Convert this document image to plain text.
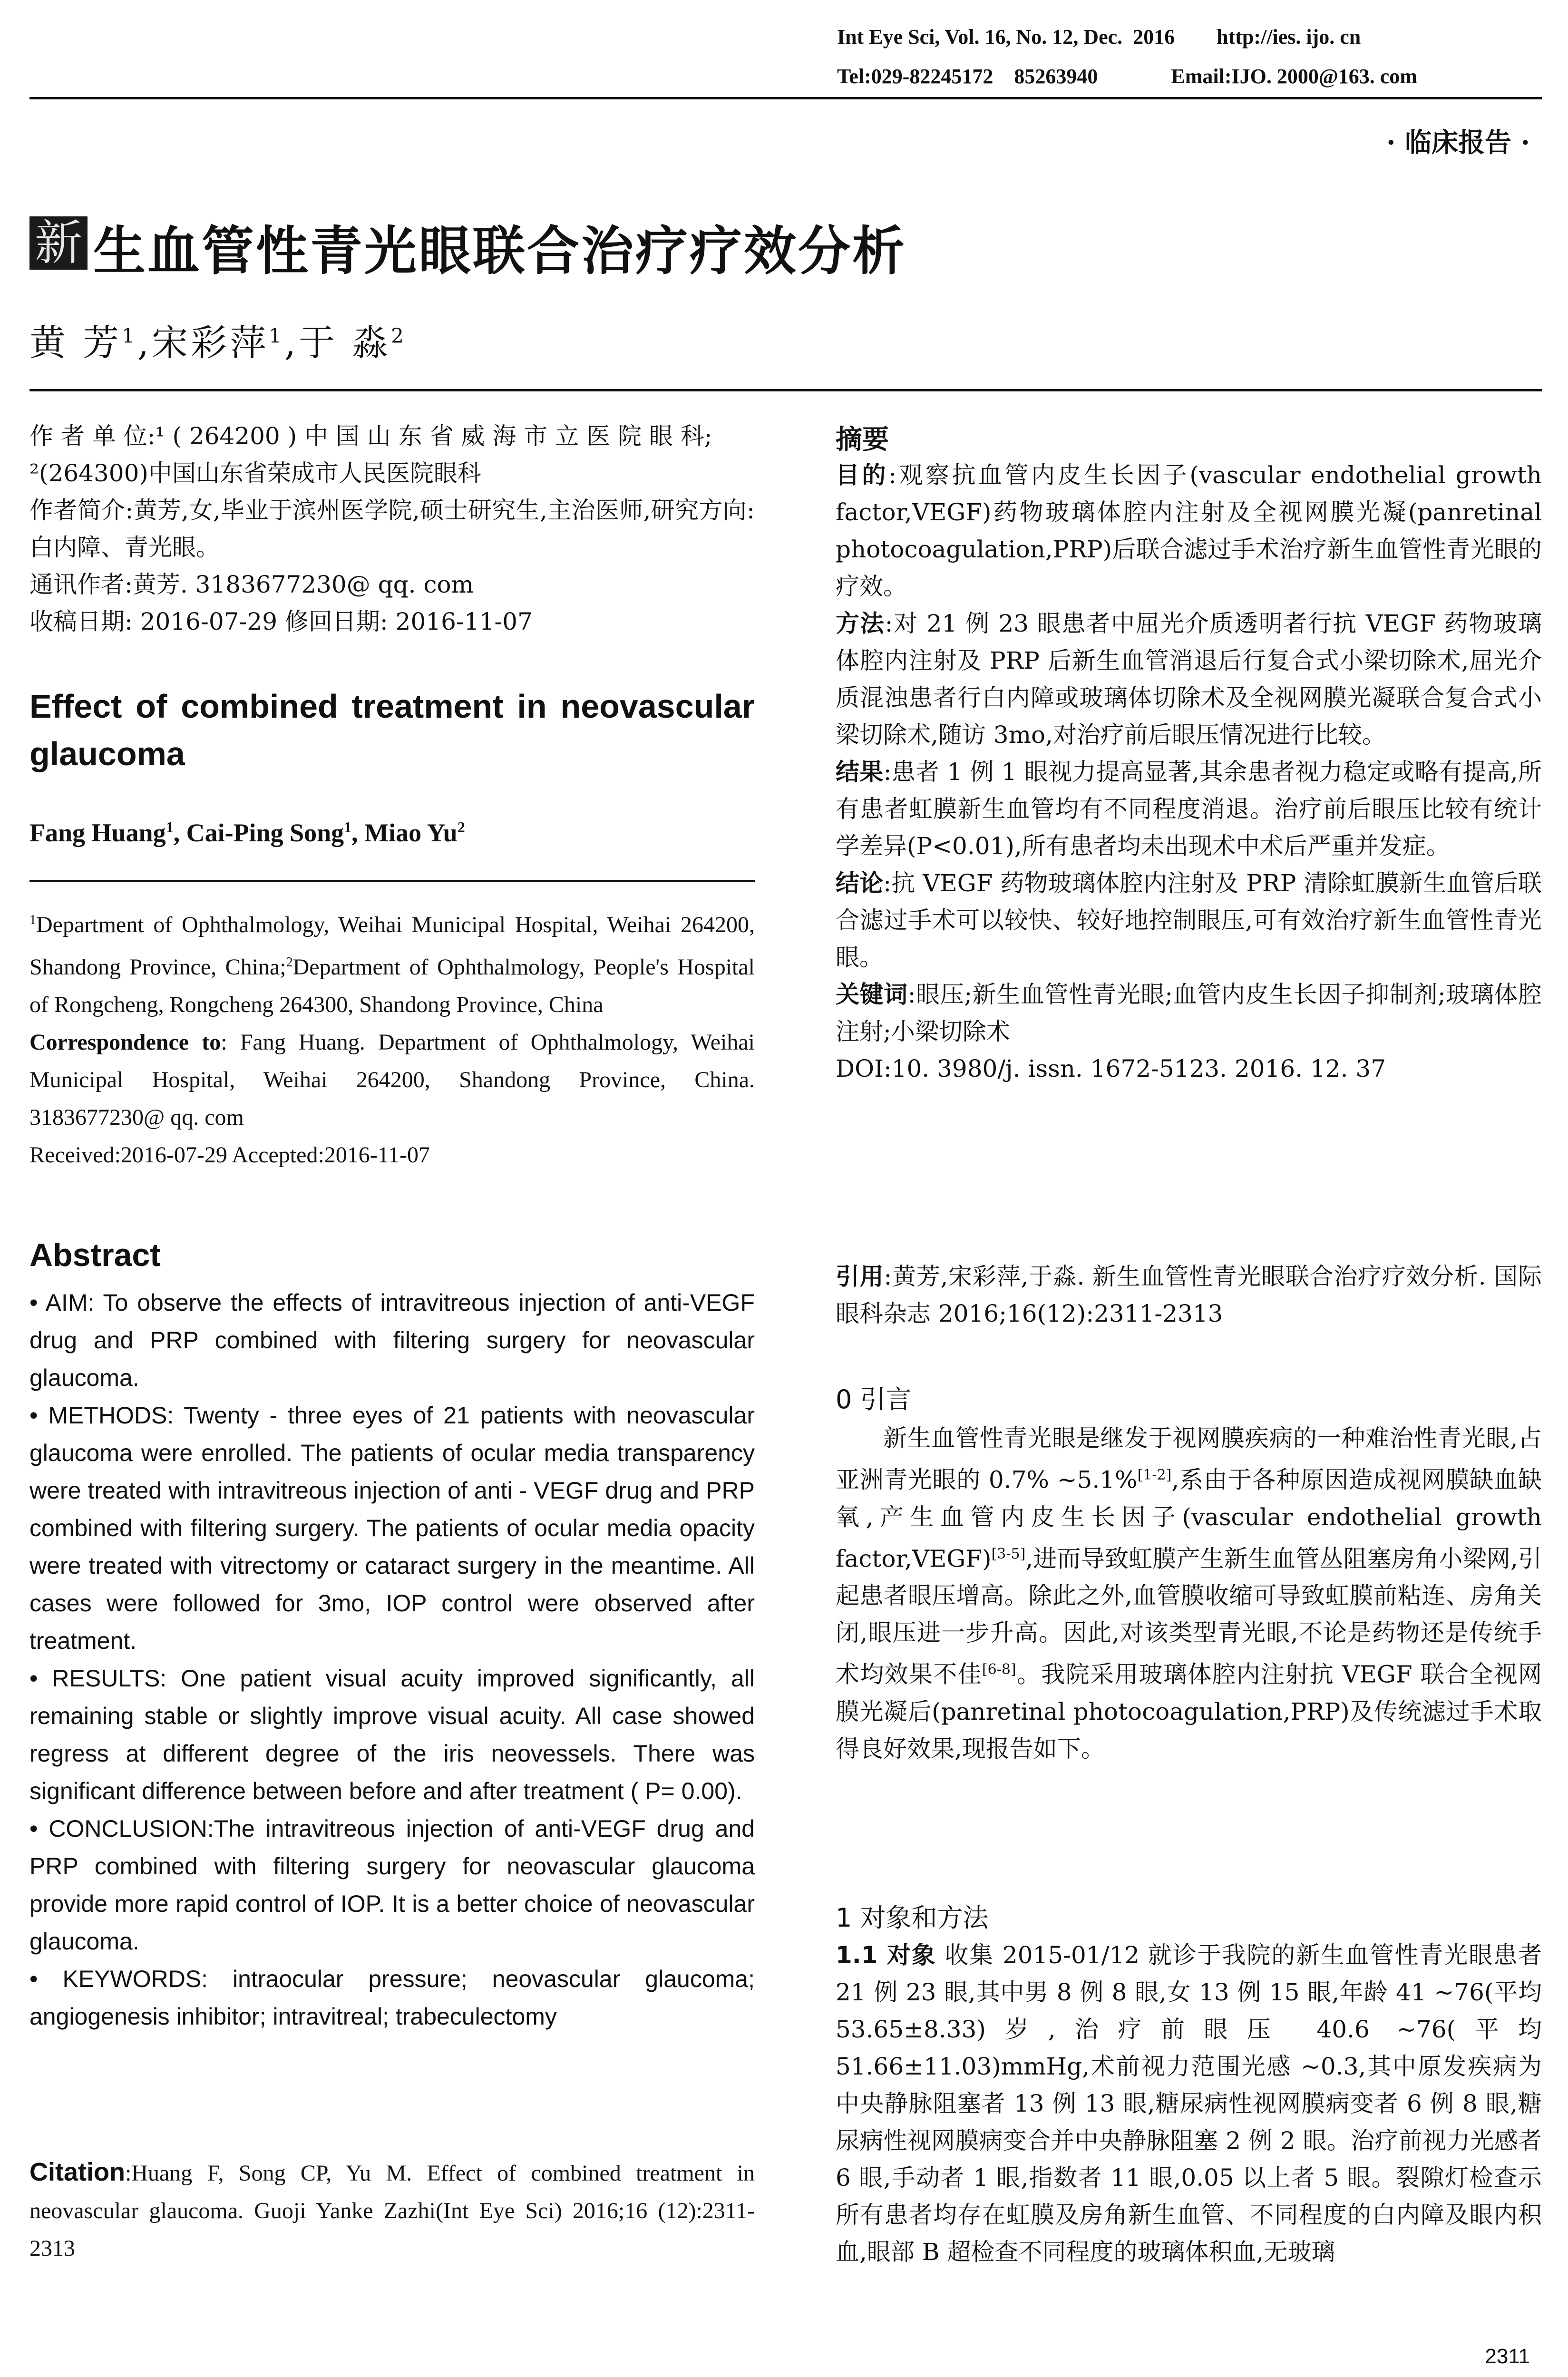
Int Eye Sci, Vol. 16, No. 12, Dec.  2016        http://ies. ijo. cn
Tel:029-82245172    85263940              Email:IJO. 2000@163. com
· 临床报告 ·
新 生血管性青光眼联合治疗疗效分析
黄 芳$^1$,宋彩萍$^1$,于 淼$^2$
作 者 单 位:¹ ( 264200 ) 中 国 山 东 省 威 海 市 立 医 院 眼 科;
²(264300)中国山东省荣成市人民医院眼科
作者简介:黄芳,女,毕业于滨州医学院,硕士研究生,主治医师,研究方向:白内障、青光眼。
通讯作者:黄芳. 3183677230@ qq. com
收稿日期: 2016-07-29 修回日期: 2016-11-07
Effect of combined treatment in neovascular glaucoma
Fang Huang$^1$, Cai-Ping Song$^1$, Miao Yu$^2$
$^1$Department of Ophthalmology, Weihai Municipal Hospital, Weihai 264200, Shandong Province, China;$^2$Department of Ophthalmology, People's Hospital of Rongcheng, Rongcheng 264300, Shandong Province, China
Correspondence to: Fang Huang. Department of Ophthalmology, Weihai Municipal Hospital, Weihai 264200, Shandong Province, China. 3183677230@ qq. com
Received:2016-07-29 Accepted:2016-11-07
Abstract

• AIM: To observe the effects of intravitreous injection of anti-VEGF drug and PRP combined with filtering surgery for neovascular glaucoma.

• METHODS: Twenty - three eyes of 21 patients with neovascular glaucoma were enrolled. The patients of ocular media transparency were treated with intravitreous injection of anti - VEGF drug and PRP combined with filtering surgery. The patients of ocular media opacity were treated with vitrectomy or cataract surgery in the meantime. All cases were followed for 3mo, IOP control were observed after treatment.

• RESULTS: One patient visual acuity improved significantly, all remaining stable or slightly improve visual acuity. All case showed regress at different degree of the iris neovessels. There was significant difference between before and after treatment ( P= 0.00).

• CONCLUSION:The intravitreous injection of anti-VEGF drug and PRP combined with filtering surgery for neovascular glaucoma provide more rapid control of IOP. It is a better choice of neovascular glaucoma.

• KEYWORDS: intraocular pressure; neovascular glaucoma; angiogenesis inhibitor; intravitreal; trabeculectomy

Citation:Huang F, Song CP, Yu M. Effect of combined treatment in neovascular glaucoma. Guoji Yanke Zazhi(Int Eye Sci) 2016;16 (12):2311-2313
摘要

目的:观察抗血管内皮生长因子(vascular endothelial growth factor,VEGF)药物玻璃体腔内注射及全视网膜光凝(panretinal photocoagulation,PRP)后联合滤过手术治疗新生血管性青光眼的疗效。

方法:对 21 例 23 眼患者中屈光介质透明者行抗 VEGF 药物玻璃体腔内注射及 PRP 后新生血管消退后行复合式小梁切除术,屈光介质混浊患者行白内障或玻璃体切除术及全视网膜光凝联合复合式小梁切除术,随访 3mo,对治疗前后眼压情况进行比较。

结果:患者 1 例 1 眼视力提高显著,其余患者视力稳定或略有提高,所有患者虹膜新生血管均有不同程度消退。治疗前后眼压比较有统计学差异(P<0.01),所有患者均未出现术中术后严重并发症。

结论:抗 VEGF 药物玻璃体腔内注射及 PRP 清除虹膜新生血管后联合滤过手术可以较快、较好地控制眼压,可有效治疗新生血管性青光眼。

关键词:眼压;新生血管性青光眼;血管内皮生长因子抑制剂;玻璃体腔注射;小梁切除术

DOI:10. 3980/j. issn. 1672-5123. 2016. 12. 37

引用:黄芳,宋彩萍,于淼. 新生血管性青光眼联合治疗疗效分析. 国际眼科杂志 2016;16(12):2311-2313
0 引言

新生血管性青光眼是继发于视网膜疾病的一种难治性青光眼,占亚洲青光眼的 0.7% ~5.1%[1-2],系由于各种原因造成视网膜缺血缺氧,产生血管内皮生长因子(vascular endothelial growth factor,VEGF)[3-5],进而导致虹膜产生新生血管丛阻塞房角小梁网,引起患者眼压增高。除此之外,血管膜收缩可导致虹膜前粘连、房角关闭,眼压进一步升高。因此,对该类型青光眼,不论是药物还是传统手术均效果不佳[6-8]。我院采用玻璃体腔内注射抗 VEGF 联合全视网膜光凝后(panretinal photocoagulation,PRP)及传统滤过手术取得良好效果,现报告如下。

1 对象和方法
1.1 对象 收集 2015-01/12 就诊于我院的新生血管性青光眼患者 21 例 23 眼,其中男 8 例 8 眼,女 13 例 15 眼,年龄 41 ~76(平均 53.65±8.33)岁,治疗前眼压 40.6 ~76(平均 51.66±11.03)mmHg,术前视力范围光感 ~0.3,其中原发疾病为中央静脉阻塞者 13 例 13 眼,糖尿病性视网膜病变者 6 例 8 眼,糖尿病性视网膜病变合并中央静脉阻塞 2 例 2 眼。治疗前视力光感者 6 眼,手动者 1 眼,指数者 11 眼,0.05 以上者 5 眼。裂隙灯检查示所有患者均存在虹膜及房角新生血管、不同程度的白内障及眼内积血,眼部 B 超检查不同程度的玻璃体积血,无玻璃
2311
